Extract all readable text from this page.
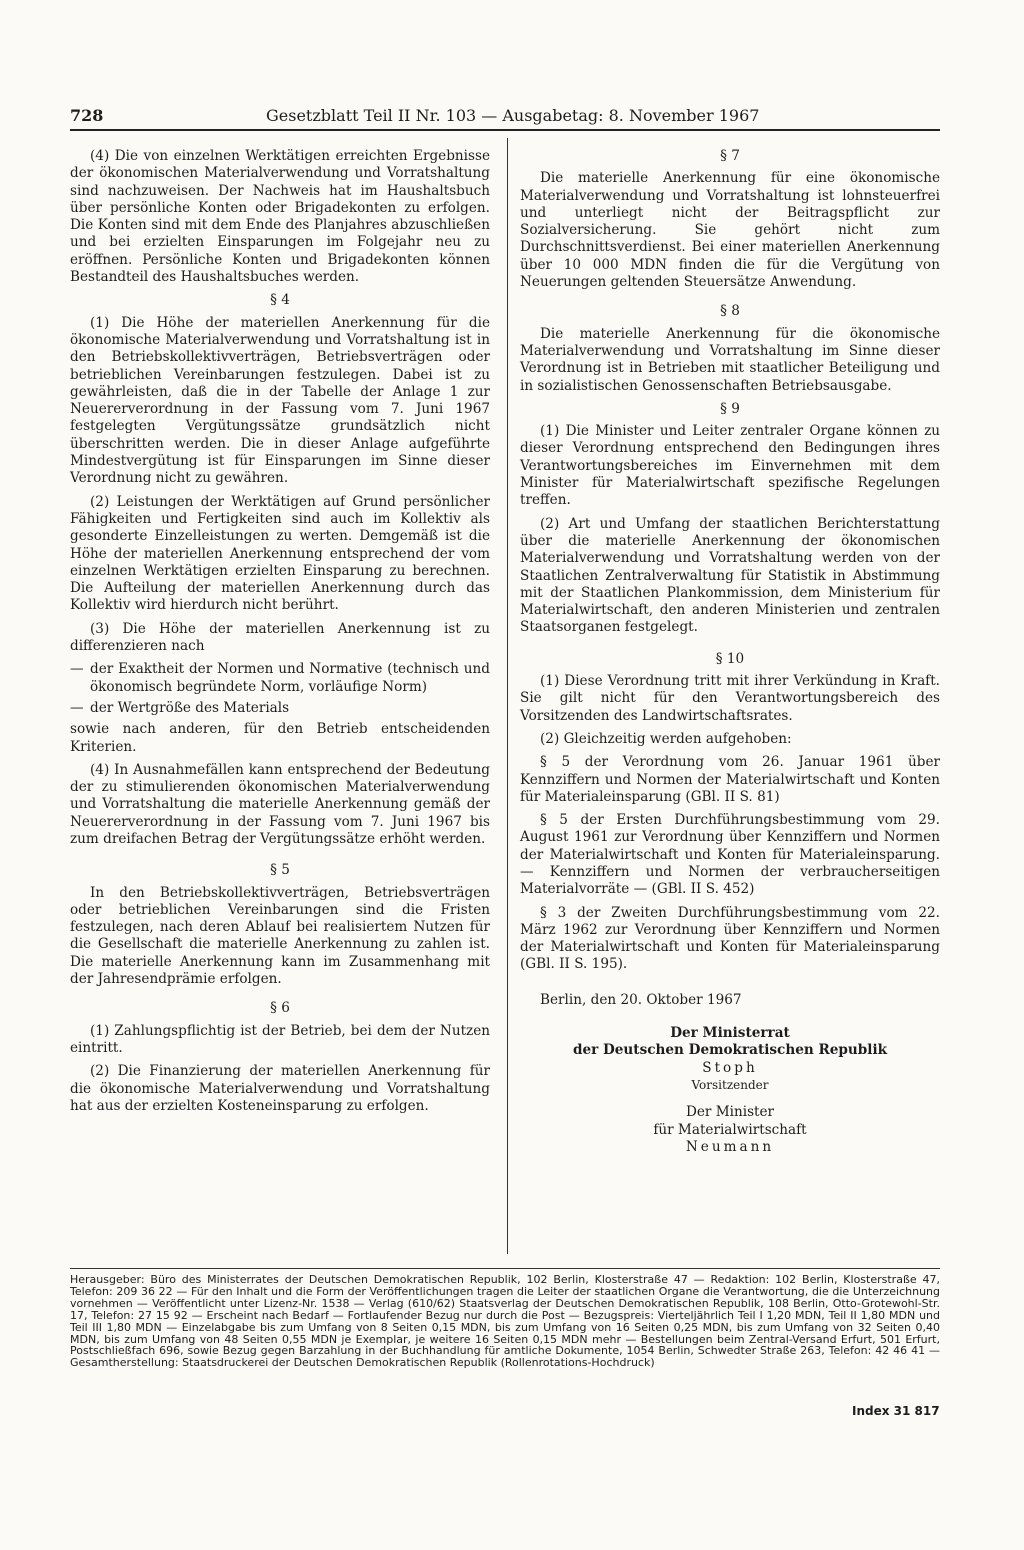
728	Gesetzblatt Teil II Nr. 103 — Ausgabetag: 8. November 1967

(4) Die von einzelnen Werktätigen erreichten Ergebnisse der ökonomischen Materialverwendung und Vorratshaltung sind nachzuweisen. Der Nachweis hat im Haushaltsbuch über persönliche Konten oder Brigadekonten zu erfolgen. Die Konten sind mit dem Ende des Planjahres abzuschließen und bei erzielten Einsparungen im Folgejahr neu zu eröffnen. Persönliche Konten und Brigadekonten können Bestandteil des Haushaltsbuches werden.

§ 4

(1) Die Höhe der materiellen Anerkennung für die ökonomische Materialverwendung und Vorratshaltung ist in den Betriebskollektivverträgen, Betriebsverträgen oder betrieblichen Vereinbarungen festzulegen. Dabei ist zu gewährleisten, daß die in der Tabelle der Anlage 1 zur Neuererverordnung in der Fassung vom 7. Juni 1967 festgelegten Vergütungssätze grundsätzlich nicht überschritten werden. Die in dieser Anlage aufgeführte Mindestvergütung ist für Einsparungen im Sinne dieser Verordnung nicht zu gewähren.

(2) Leistungen der Werktätigen auf Grund persönlicher Fähigkeiten und Fertigkeiten sind auch im Kollektiv als gesonderte Einzelleistungen zu werten. Demgemäß ist die Höhe der materiellen Anerkennung entsprechend der vom einzelnen Werktätigen erzielten Einsparung zu berechnen. Die Aufteilung der materiellen Anerkennung durch das Kollektiv wird hierdurch nicht berührt.

(3) Die Höhe der materiellen Anerkennung ist zu differenzieren nach

— der Exaktheit der Normen und Normative (technisch und ökonomisch begründete Norm, vorläufige Norm)
— der Wertgröße des Materials

sowie nach anderen, für den Betrieb entscheidenden Kriterien.

(4) In Ausnahmefällen kann entsprechend der Bedeutung der zu stimulierenden ökonomischen Materialverwendung und Vorratshaltung die materielle Anerkennung gemäß der Neuererverordnung in der Fassung vom 7. Juni 1967 bis zum dreifachen Betrag der Vergütungssätze erhöht werden.

§ 5

In den Betriebskollektivverträgen, Betriebsverträgen oder betrieblichen Vereinbarungen sind die Fristen festzulegen, nach deren Ablauf bei realisiertem Nutzen für die Gesellschaft die materielle Anerkennung zu zahlen ist. Die materielle Anerkennung kann im Zusammenhang mit der Jahresendprämie erfolgen.

§ 6

(1) Zahlungspflichtig ist der Betrieb, bei dem der Nutzen eintritt.

(2) Die Finanzierung der materiellen Anerkennung für die ökonomische Materialverwendung und Vorratshaltung hat aus der erzielten Kosteneinsparung zu erfolgen.

§ 7

Die materielle Anerkennung für eine ökonomische Materialverwendung und Vorratshaltung ist lohnsteuerfrei und unterliegt nicht der Beitragspflicht zur Sozialversicherung. Sie gehört nicht zum Durchschnittsverdienst. Bei einer materiellen Anerkennung über 10 000 MDN finden die für die Vergütung von Neuerungen geltenden Steuersätze Anwendung.

§ 8

Die materielle Anerkennung für die ökonomische Materialverwendung und Vorratshaltung im Sinne dieser Verordnung ist in Betrieben mit staatlicher Beteiligung und in sozialistischen Genossenschaften Betriebsausgabe.

§ 9

(1) Die Minister und Leiter zentraler Organe können zu dieser Verordnung entsprechend den Bedingungen ihres Verantwortungsbereiches im Einvernehmen mit dem Minister für Materialwirtschaft spezifische Regelungen treffen.

(2) Art und Umfang der staatlichen Berichterstattung über die materielle Anerkennung der ökonomischen Materialverwendung und Vorratshaltung werden von der Staatlichen Zentralverwaltung für Statistik in Abstimmung mit der Staatlichen Plankommission, dem Ministerium für Materialwirtschaft, den anderen Ministerien und zentralen Staatsorganen festgelegt.

§ 10

(1) Diese Verordnung tritt mit ihrer Verkündung in Kraft. Sie gilt nicht für den Verantwortungsbereich des Vorsitzenden des Landwirtschaftsrates.

(2) Gleichzeitig werden aufgehoben:

§ 5 der Verordnung vom 26. Januar 1961 über Kennziffern und Normen der Materialwirtschaft und Konten für Materialeinsparung (GBl. II S. 81)

§ 5 der Ersten Durchführungsbestimmung vom 29. August 1961 zur Verordnung über Kennziffern und Normen der Materialwirtschaft und Konten für Materialeinsparung. — Kennziffern und Normen der verbraucherseitigen Materialvorräte — (GBl. II S. 452)

§ 3 der Zweiten Durchführungsbestimmung vom 22. März 1962 zur Verordnung über Kennziffern und Normen der Materialwirtschaft und Konten für Materialeinsparung (GBl. II S. 195).

Berlin, den 20. Oktober 1967
Der Ministerrat
der Deutschen Demokratischen Republik
Stoph
Vorsitzender
Der Minister
für Materialwirtschaft
Neumann
Herausgeber: Büro des Ministerrates der Deutschen Demokratischen Republik, 102 Berlin, Klosterstraße 47 — Redaktion: 102 Berlin, Klosterstraße 47, Telefon: 209 36 22 — Für den Inhalt und die Form der Veröffentlichungen tragen die Leiter der staatlichen Organe die Verantwortung, die die Unterzeichnung vornehmen — Veröffentlicht unter Lizenz-Nr. 1538 — Verlag (610/62) Staatsverlag der Deutschen Demokratischen Republik, 108 Berlin, Otto-Grotewohl-Str. 17, Telefon: 27 15 92 — Erscheint nach Bedarf — Fortlaufender Bezug nur durch die Post — Bezugspreis: Vierteljährlich Teil I 1,20 MDN, Teil II 1,80 MDN und Teil III 1,80 MDN — Einzelabgabe bis zum Umfang von 8 Seiten 0,15 MDN, bis zum Umfang von 16 Seiten 0,25 MDN, bis zum Umfang von 32 Seiten 0,40 MDN, bis zum Umfang von 48 Seiten 0,55 MDN je Exemplar, je weitere 16 Seiten 0,15 MDN mehr — Bestellungen beim Zentral-Versand Erfurt, 501 Erfurt, Postschließfach 696, sowie Bezug gegen Barzahlung in der Buchhandlung für amtliche Dokumente, 1054 Berlin, Schwedter Straße 263, Telefon: 42 46 41 — Gesamtherstellung: Staatsdruckerei der Deutschen Demokratischen Republik (Rollenrotations-Hochdruck)
Index 31 817
